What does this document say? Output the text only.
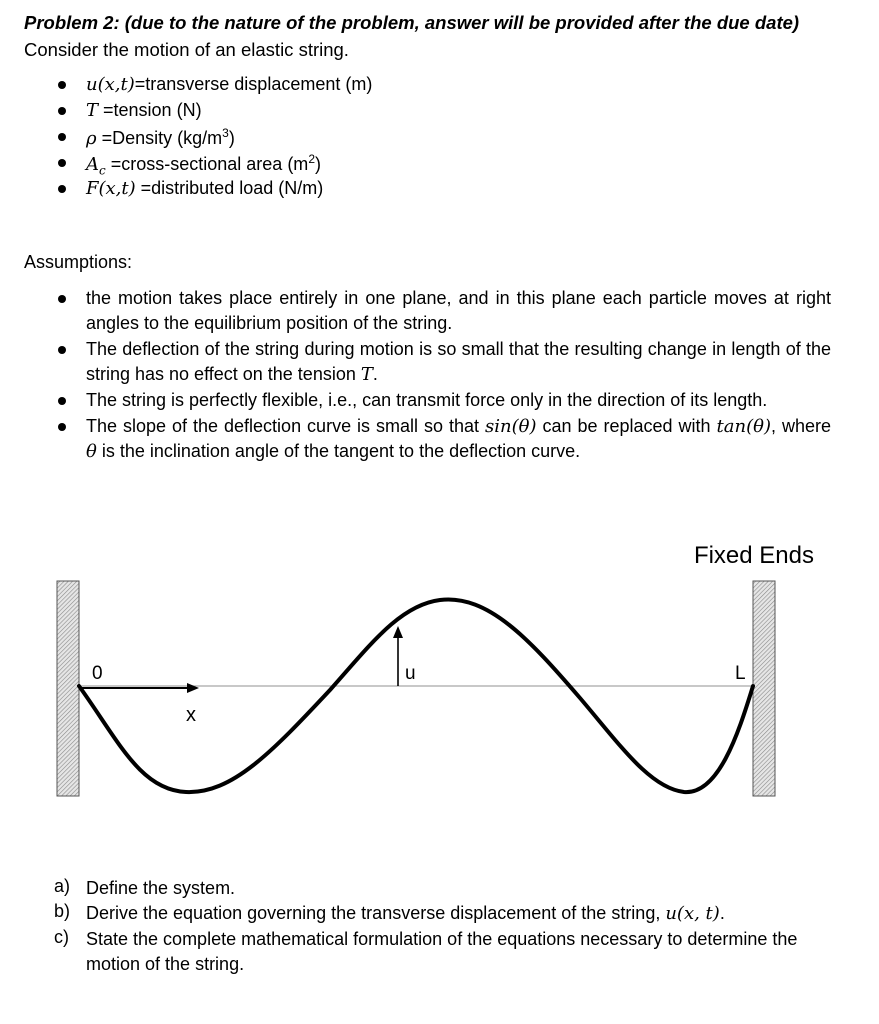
Problem 2: (due to the nature of the problem, answer will be provided after the due date)
Consider the motion of an elastic string.
u(x,t)=transverse displacement (m)
T =tension (N)
ρ =Density $(kg/m^3)$
$A_c$ =cross-sectional area $(m^2)$
F(x,t) =distributed load (N/m)
Assumptions:
the motion takes place entirely in one plane, and in this plane each particle moves at right angles to the equilibrium position of the string.
The deflection of the string during motion is so small that the resulting change in length of the string has no effect on the tension T.
The string is perfectly flexible, i.e., can transmit force only in the direction of its length.
The slope of the deflection curve is small so that sin(θ) can be replaced with tan(θ), where θ is the inclination angle of the tangent to the deflection curve.
Fixed Ends
0
x
u	L
a) Define the system.
b) Derive the equation governing the transverse displacement of the string, u(x, t).
c) State the complete mathematical formulation of the equations necessary to determine the motion of the string.
